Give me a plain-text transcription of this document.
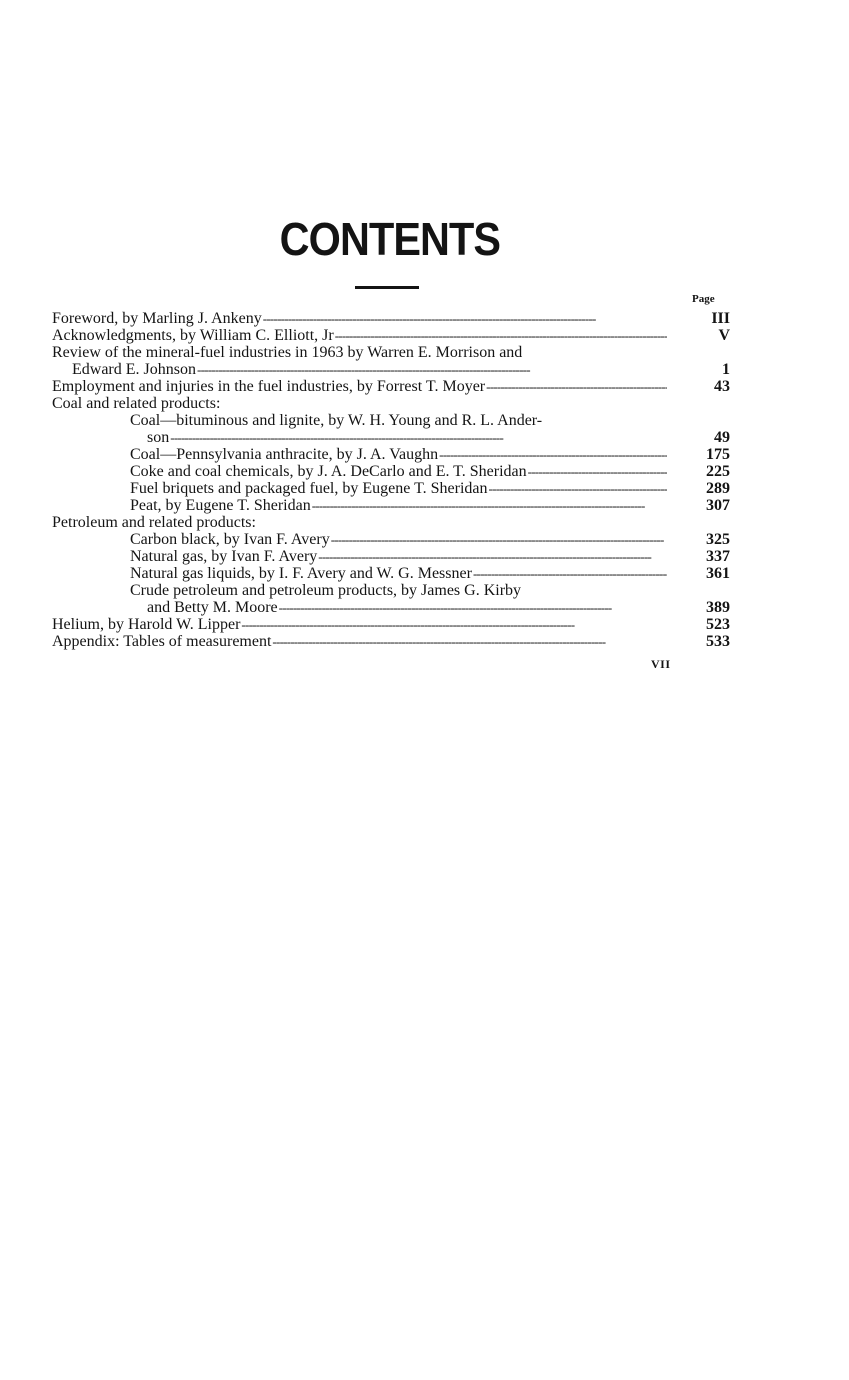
CONTENTS
Page
Foreword, by Marling J. Ankeny - - -	III
Acknowledgments, by William C. Elliott, Jr - - -	V
Review of the mineral-fuel industries in 1963 by Warren E. Morrison and
Edward E. Johnson - - -	1
Employment and injuries in the fuel industries, by Forrest T. Moyer - - -	43
Coal and related products:
Coal—bituminous and lignite, by W. H. Young and R. L. Ander-
son - - -	49
Coal—Pennsylvania anthracite, by J. A. Vaughn - - -	175
Coke and coal chemicals, by J. A. DeCarlo and E. T. Sheridan - - -	225
Fuel briquets and packaged fuel, by Eugene T. Sheridan - - -	289
Peat, by Eugene T. Sheridan - - -	307
Petroleum and related products:
Carbon black, by Ivan F. Avery - - -	325
Natural gas, by Ivan F. Avery - - -	337
Natural gas liquids, by I. F. Avery and W. G. Messner - - -	361
Crude petroleum and petroleum products, by James G. Kirby
and Betty M. Moore - - -	389
Helium, by Harold W. Lipper - - -	523
Appendix: Tables of measurement - - -	533
VII
